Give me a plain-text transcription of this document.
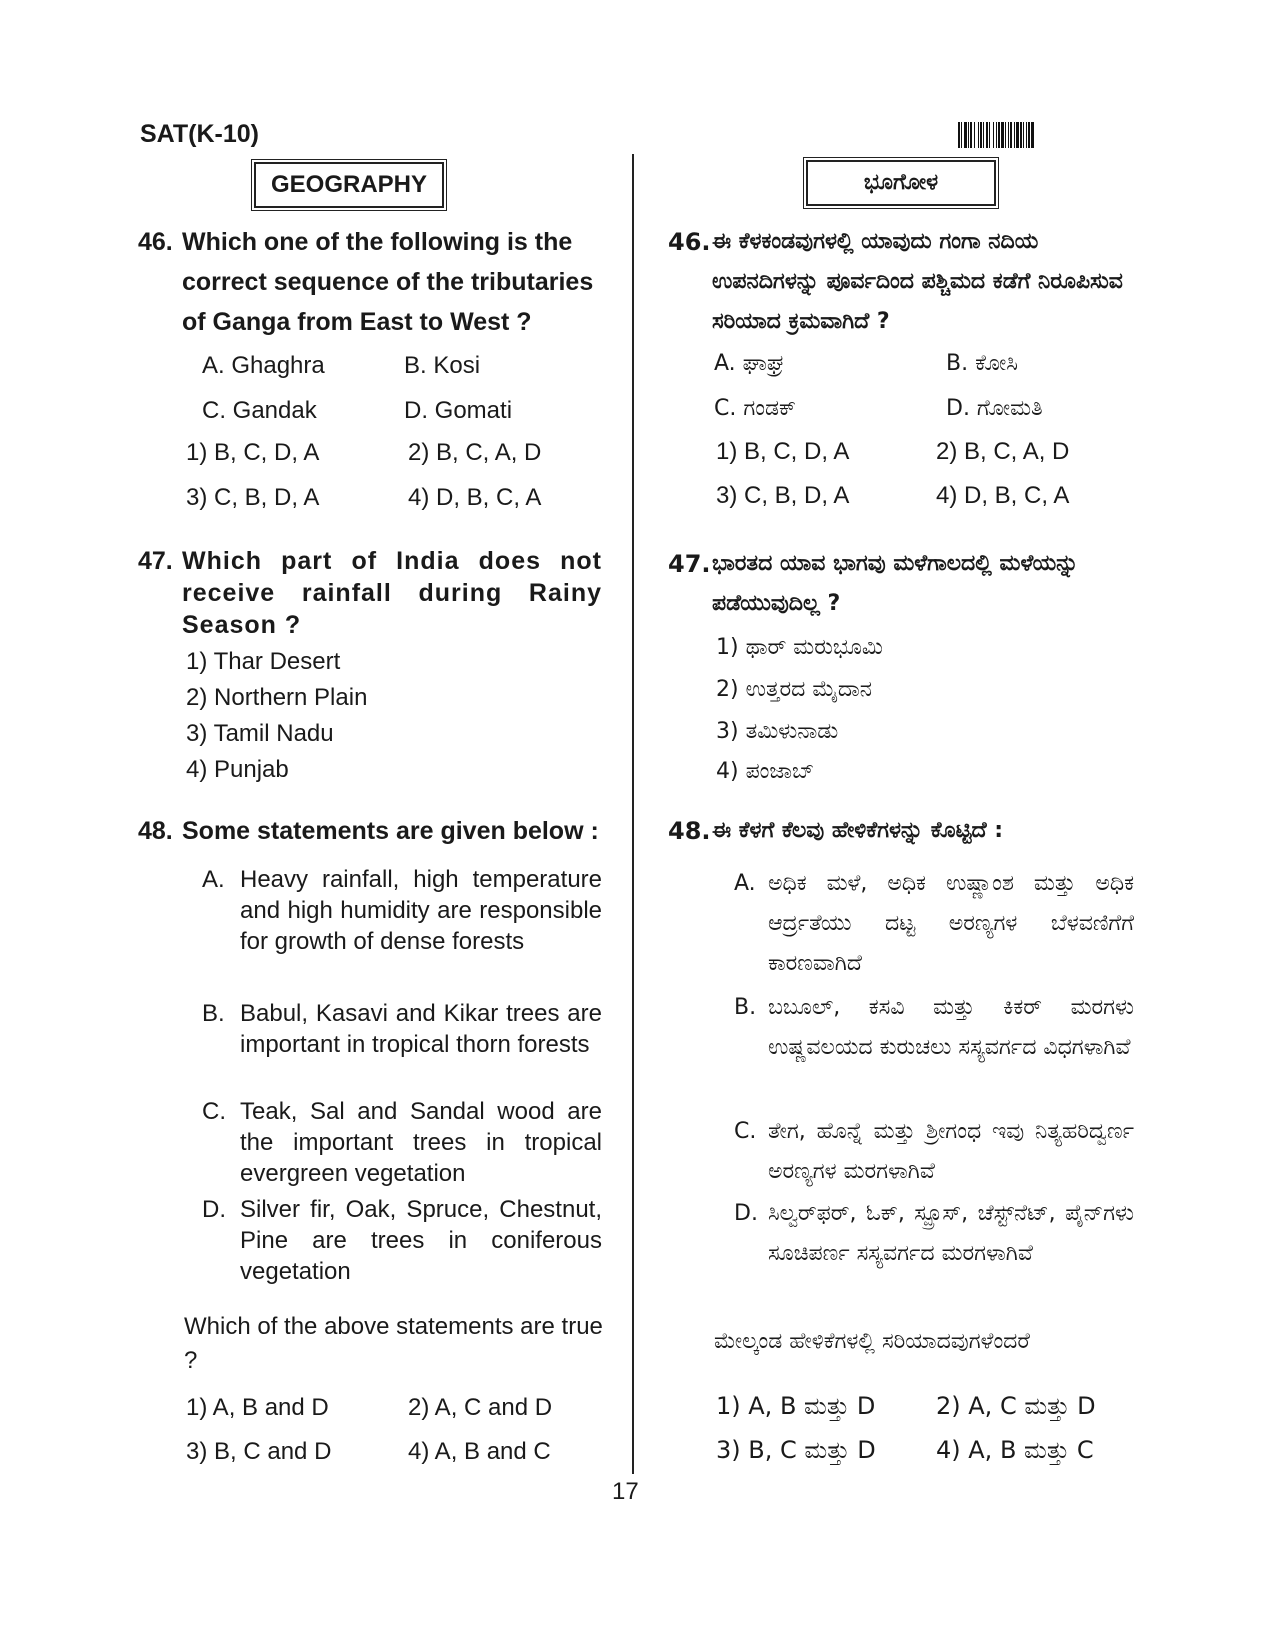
SAT(K-10)
GEOGRAPHY	ಭೂಗೋಳ
46. Which one of the following is the correct sequence of the tributaries of Ganga from East to West ?
A. Ghaghra	B. Kosi
C. Gandak	D. Gomati
1) B, C, D, A	2) B, C, A, D
3) C, B, D, A	4) D, B, C, A
47. Which part of India does not receive rainfall during Rainy Season ?
1) Thar Desert
2) Northern Plain
3) Tamil Nadu
4) Punjab
48. Some statements are given below :
A. Heavy rainfall, high temperature and high humidity are responsible for growth of dense forests
B. Babul, Kasavi and Kikar trees are important in tropical thorn forests
C. Teak, Sal and Sandal wood are the important trees in tropical evergreen vegetation
D. Silver fir, Oak, Spruce, Chestnut, Pine are trees in coniferous vegetation
Which of the above statements are true ?
1) A, B and D	2) A, C and D
3) B, C and D	4) A, B and C
46. ಈ ಕೆಳಕಂಡವುಗಳಲ್ಲಿ ಯಾವುದು ಗಂಗಾ ನದಿಯ ಉಪನದಿಗಳನ್ನು ಪೂರ್ವದಿಂದ ಪಶ್ಚಿಮದ ಕಡೆಗೆ ನಿರೂಪಿಸುವ ಸರಿಯಾದ ಕ್ರಮವಾಗಿದೆ ?
A. ಘಾಘ್ರ	B. ಕೋಸಿ
C. ಗಂಡಕ್	D. ಗೋಮತಿ
1) B, C, D, A	2) B, C, A, D
3) C, B, D, A	4) D, B, C, A
47. ಭಾರತದ ಯಾವ ಭಾಗವು ಮಳೆಗಾಲದಲ್ಲಿ ಮಳೆಯನ್ನು ಪಡೆಯುವುದಿಲ್ಲ ?
1) ಥಾರ್ ಮರುಭೂಮಿ
2) ಉತ್ತರದ ಮೈದಾನ
3) ತಮಿಳುನಾಡು
4) ಪಂಜಾಬ್
48. ಈ ಕೆಳಗೆ ಕೆಲವು ಹೇಳಿಕೆಗಳನ್ನು ಕೊಟ್ಟಿದೆ :
A. ಅಧಿಕ ಮಳೆ, ಅಧಿಕ ಉಷ್ಣಾಂಶ ಮತ್ತು ಅಧಿಕ ಆರ್ದ್ರತೆಯು ದಟ್ಟ ಅರಣ್ಯಗಳ ಬೆಳವಣಿಗೆಗೆ ಕಾರಣವಾಗಿದೆ
B. ಬಬೂಲ್, ಕಸವಿ ಮತ್ತು ಕಿಕರ್ ಮರಗಳು ಉಷ್ಣವಲಯದ ಕುರುಚಲು ಸಸ್ಯವರ್ಗದ ವಿಧಗಳಾಗಿವೆ
C. ತೇಗ, ಹೊನ್ನೆ ಮತ್ತು ಶ್ರೀಗಂಧ ಇವು ನಿತ್ಯಹರಿದ್ವರ್ಣ ಅರಣ್ಯಗಳ ಮರಗಳಾಗಿವೆ
D. ಸಿಲ್ವರ್‌ಫರ್, ಓಕ್, ಸ್ಪ್ರೂಸ್, ಚೆಸ್ಟ್‌ನೆಟ್, ಪೈನ್‌ಗಳು ಸೂಚಿಪರ್ಣ ಸಸ್ಯವರ್ಗದ ಮರಗಳಾಗಿವೆ
ಮೇಲ್ಕಂಡ ಹೇಳಿಕೆಗಳಲ್ಲಿ ಸರಿಯಾದವುಗಳೆಂದರೆ
1) A, B ಮತ್ತು D	2) A, C ಮತ್ತು D
3) B, C ಮತ್ತು D	4) A, B ಮತ್ತು C
17
